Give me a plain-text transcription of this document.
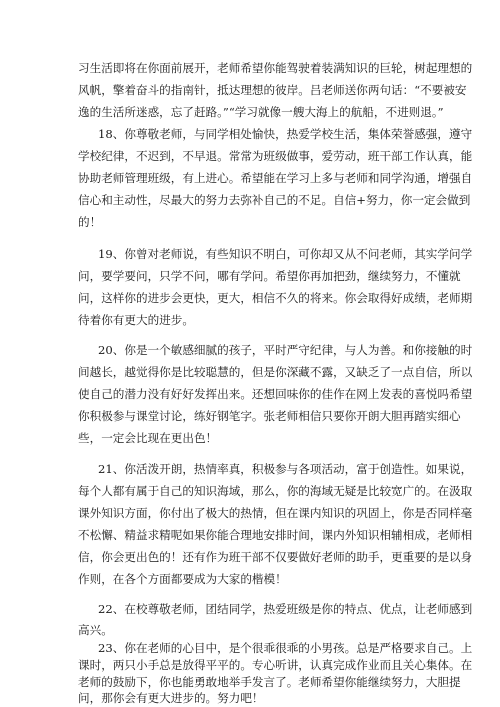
习生活即将在你面前展开，老师希望你能驾驶着装满知识的巨轮，树起理想的
风帆，擎着奋斗的指南针，抵达理想的彼岸。吕老师送你两句话：“不要被安
逸的生活所迷惑，忘了赶路。”“学习就像一艘大海上的航船，不进则退。”
18、你尊敬老师，与同学相处愉快，热爱学校生活，集体荣誉感强，遵守
学校纪律，不迟到，不早退。常常为班级做事，爱劳动，班干部工作认真，能
协助老师管理班级，有上进心。希望能在学习上多与老师和同学沟通，增强自
信心和主动性，尽最大的努力去弥补自己的不足。自信+努力，你一定会做到
的！
19、你曾对老师说，有些知识不明白，可你却又从不问老师，其实学问学
问，要学要问，只学不问，哪有学问。希望你再加把劲，继续努力，不懂就
问，这样你的进步会更快，更大，相信不久的将来。你会取得好成绩，老师期
待着你有更大的进步。
20、你是一个敏感细腻的孩子，平时严守纪律，与人为善。和你接触的时
间越长，越觉得你是比较聪慧的，但是你深藏不露，又缺乏了一点自信，所以
使自己的潜力没有好好发挥出来。还想回味你的佳作在网上发表的喜悦吗希望
你积极参与课堂讨论，练好钢笔字。张老师相信只要你开朗大胆再踏实细心
些，一定会比现在更出色！
21、你活泼开朗，热情率真，积极参与各项活动，富于创造性。如果说，
每个人都有属于自己的知识海域，那么，你的海域无疑是比较宽广的。在汲取
课外知识方面，你付出了极大的热情，但在课内知识的巩固上，你是否同样毫
不松懈、精益求精呢如果你能合理地安排时间，课内外知识相辅相成，老师相
信，你会更出色的！还有作为班干部不仅要做好老师的助手，更重要的是以身
作则，在各个方面都要成为大家的楷模！
22、在校尊敬老师，团结同学，热爱班级是你的特点、优点，让老师感到
高兴。
23、你在老师的心目中，是个很乖很乖的小男孩。总是严格要求自己。上
课时，两只小手总是放得平平的。专心听讲，认真完成作业而且关心集体。在
老师的鼓励下，你也能勇敢地举手发言了。老师希望你能继续努力，大胆提
问，那你会有更大进步的。努力吧！
